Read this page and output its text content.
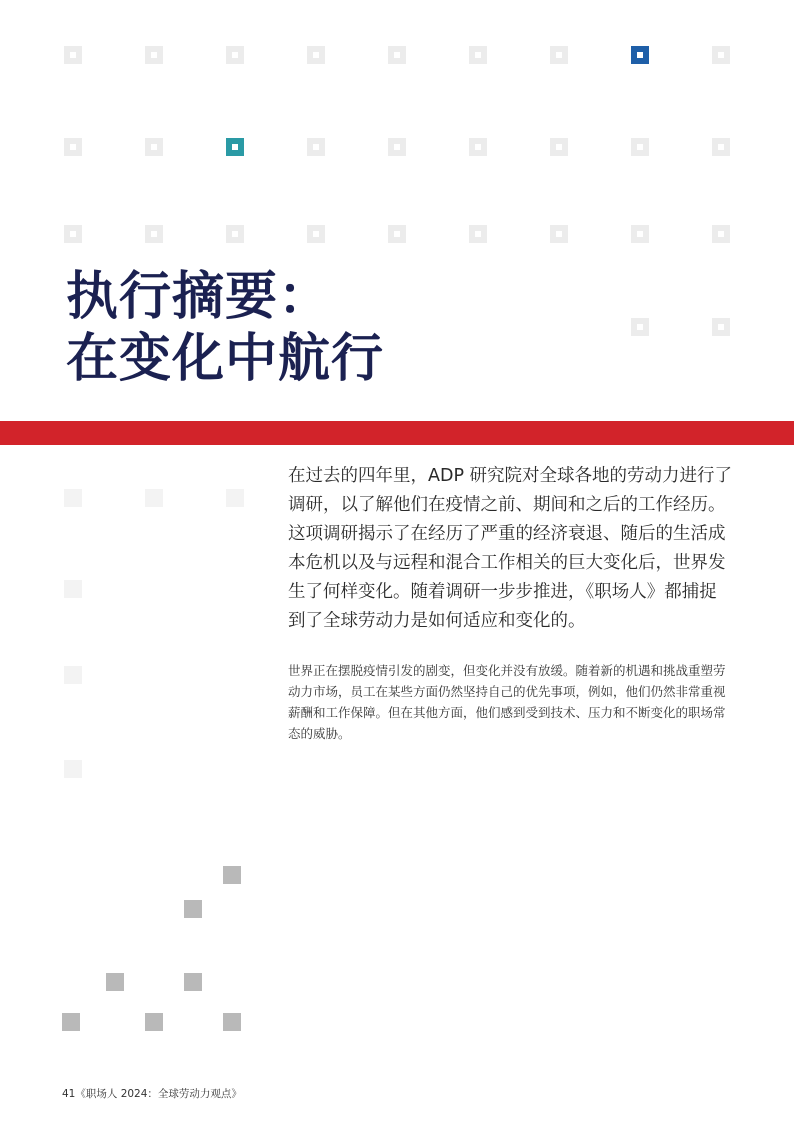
执行摘要：
在变化中航行

在过去的四年里，ADP 研究院对全球各地的劳动力进行了调研，以了解他们在疫情之前、期间和之后的工作经历。这项调研揭示了在经历了严重的经济衰退、随后的生活成本危机以及与远程和混合工作相关的巨大变化后，世界发生了何样变化。随着调研一步步推进，《职场人》都捕捉到了全球劳动力是如何适应和变化的。

世界正在摆脱疫情引发的剧变，但变化并没有放缓。随着新的机遇和挑战重塑劳动力市场，员工在某些方面仍然坚持自己的优先事项，例如，他们仍然非常重视薪酬和工作保障。但在其他方面，他们感到受到技术、压力和不断变化的职场常态的威胁。

41《职场人 2024：全球劳动力观点》
